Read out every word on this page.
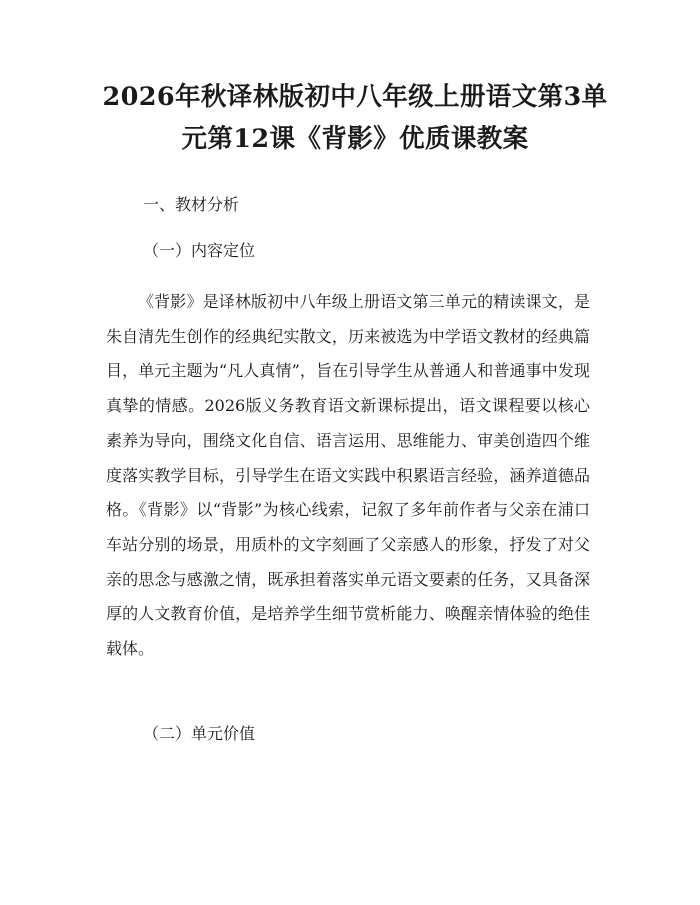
2026年秋译林版初中八年级上册语文第3单元第12课《背影》优质课教案
一、教材分析
（一）内容定位

《背影》是译林版初中八年级上册语文第三单元的精读课文，是朱自清先生创作的经典纪实散文，历来被选为中学语文教材的经典篇目，单元主题为“凡人真情”，旨在引导学生从普通人和普通事中发现真挚的情感。2026版义务教育语文新课标提出，语文课程要以核心素养为导向，围绕文化自信、语言运用、思维能力、审美创造四个维度落实教学目标，引导学生在语文实践中积累语言经验，涵养道德品格。《背影》以“背影”为核心线索，记叙了多年前作者与父亲在浦口车站分别的场景，用质朴的文字刻画了父亲感人的形象，抒发了对父亲的思念与感激之情，既承担着落实单元语文要素的任务，又具备深厚的人文教育价值，是培养学生细节赏析能力、唤醒亲情体验的绝佳载体。

（二）单元价值
